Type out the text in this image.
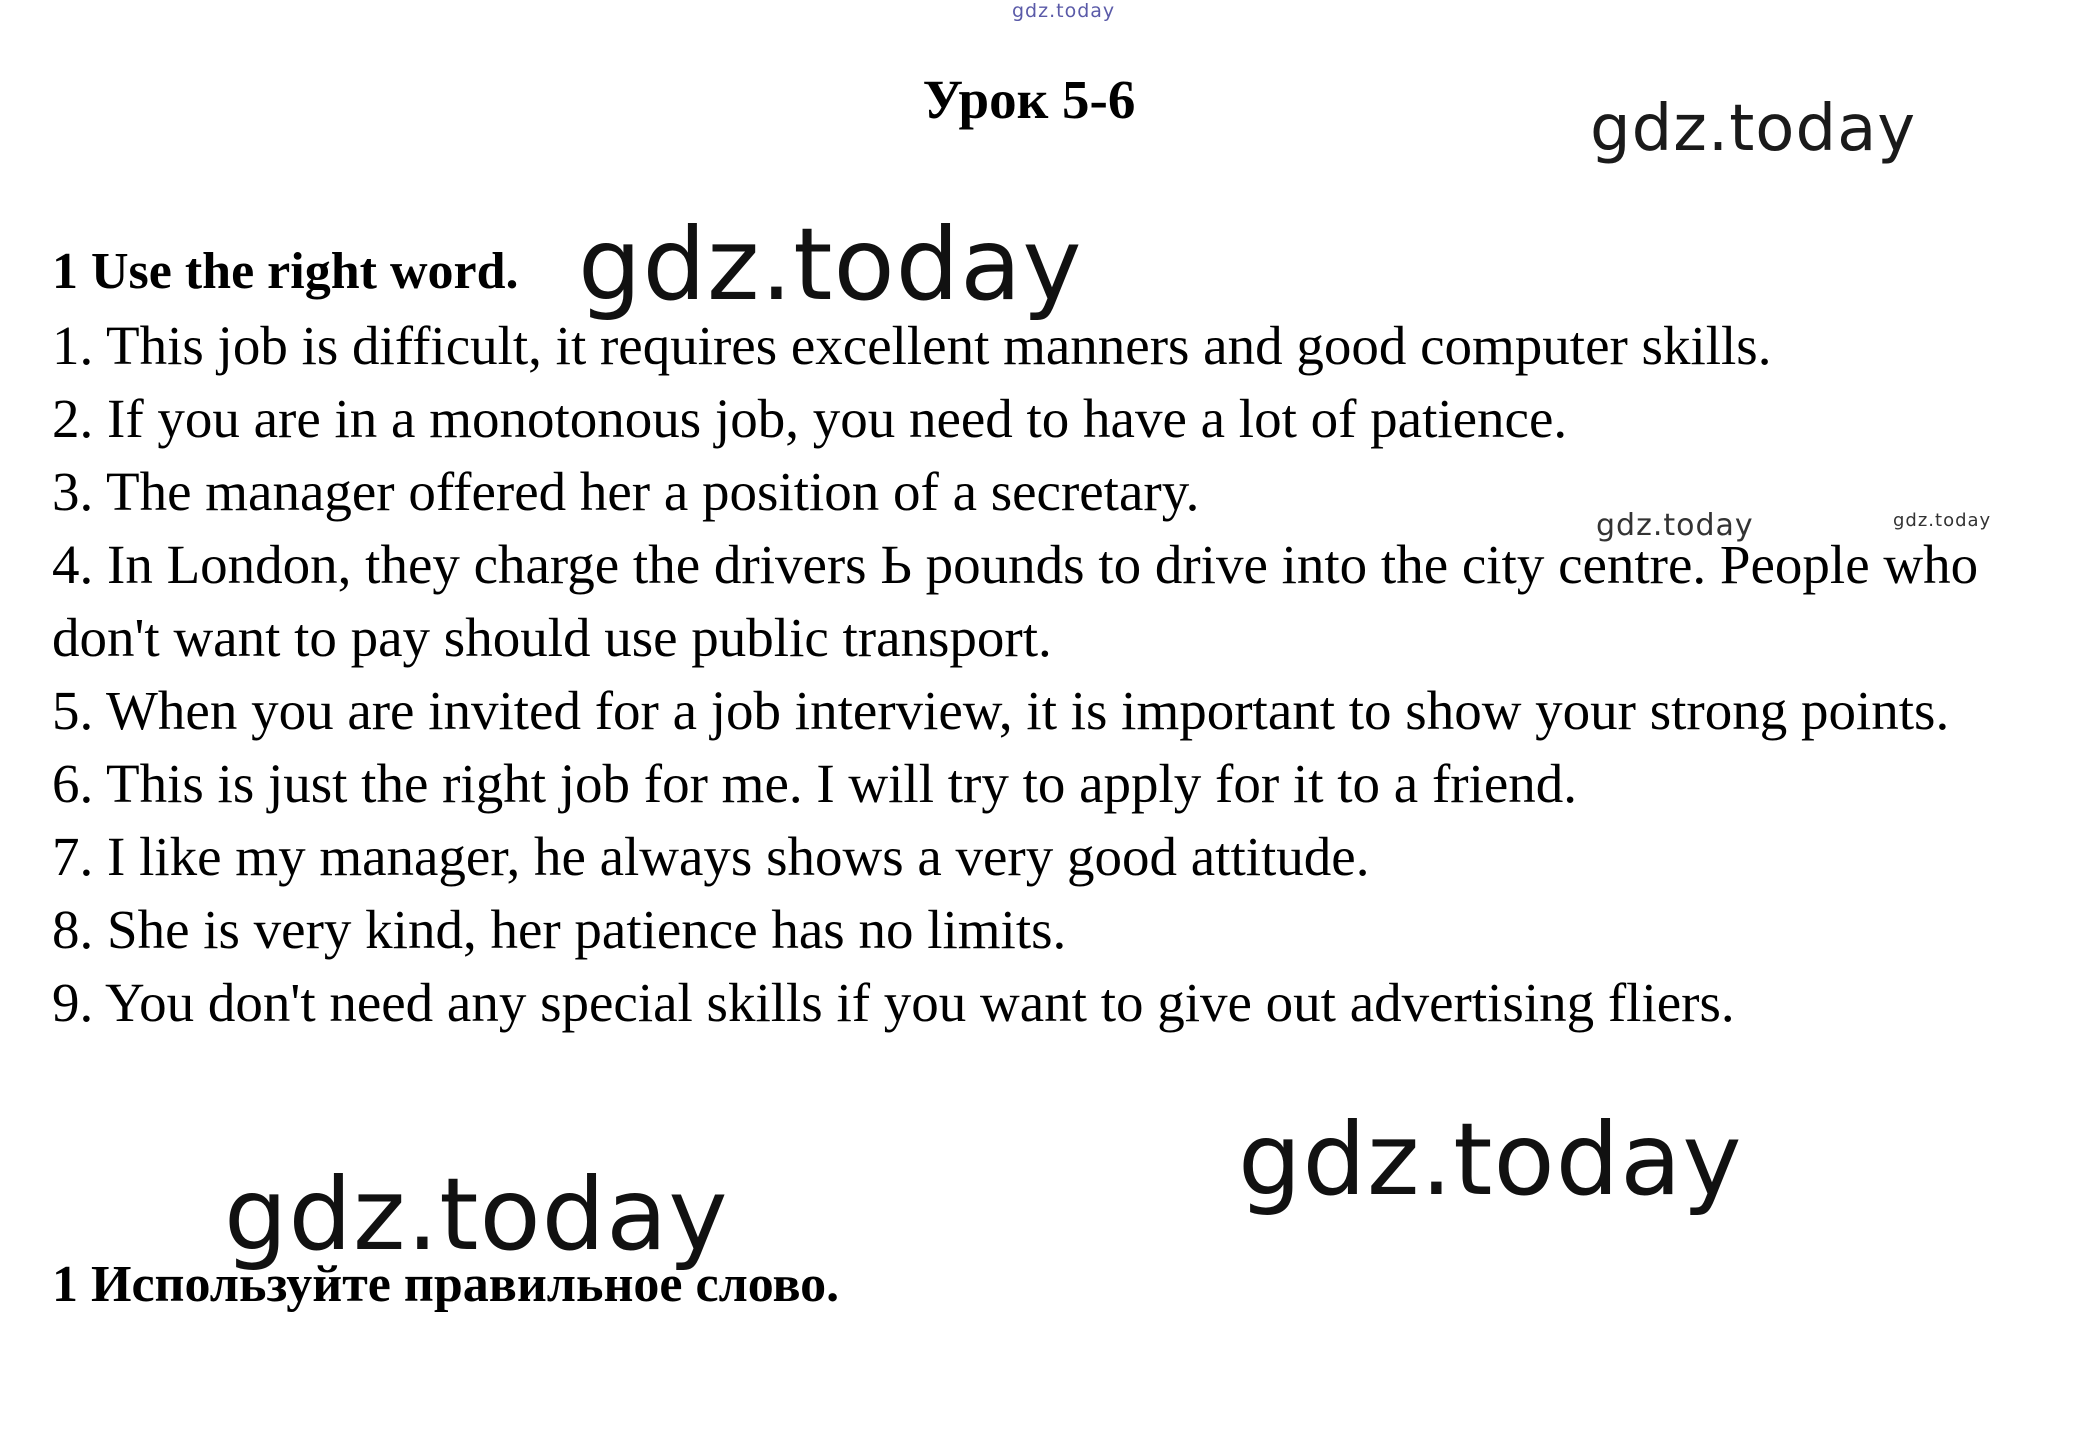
Урок 5-6
1 Use the right word.
1. This job is difficult, it requires excellent manners and good computer skills.
2. If you are in a monotonous job, you need to have a lot of patience.
3. The manager offered her a position of a secretary.
4. In London, they charge the drivers Ь pounds to drive into the city centre. People who don't want to pay should use public transport.
5. When you are invited for a job interview, it is important to show your strong points.
6. This is just the right job for me. I will try to apply for it to a friend.
7. I like my manager, he always shows a very good attitude.
8. She is very kind, her patience has no limits.
9. You don't need any special skills if you want to give out advertising fliers.
1 Используйте правильное слово.
gdz.today
gdz.today
gdz.today
gdz.today	gdz.today
gdz.today
gdz.today
